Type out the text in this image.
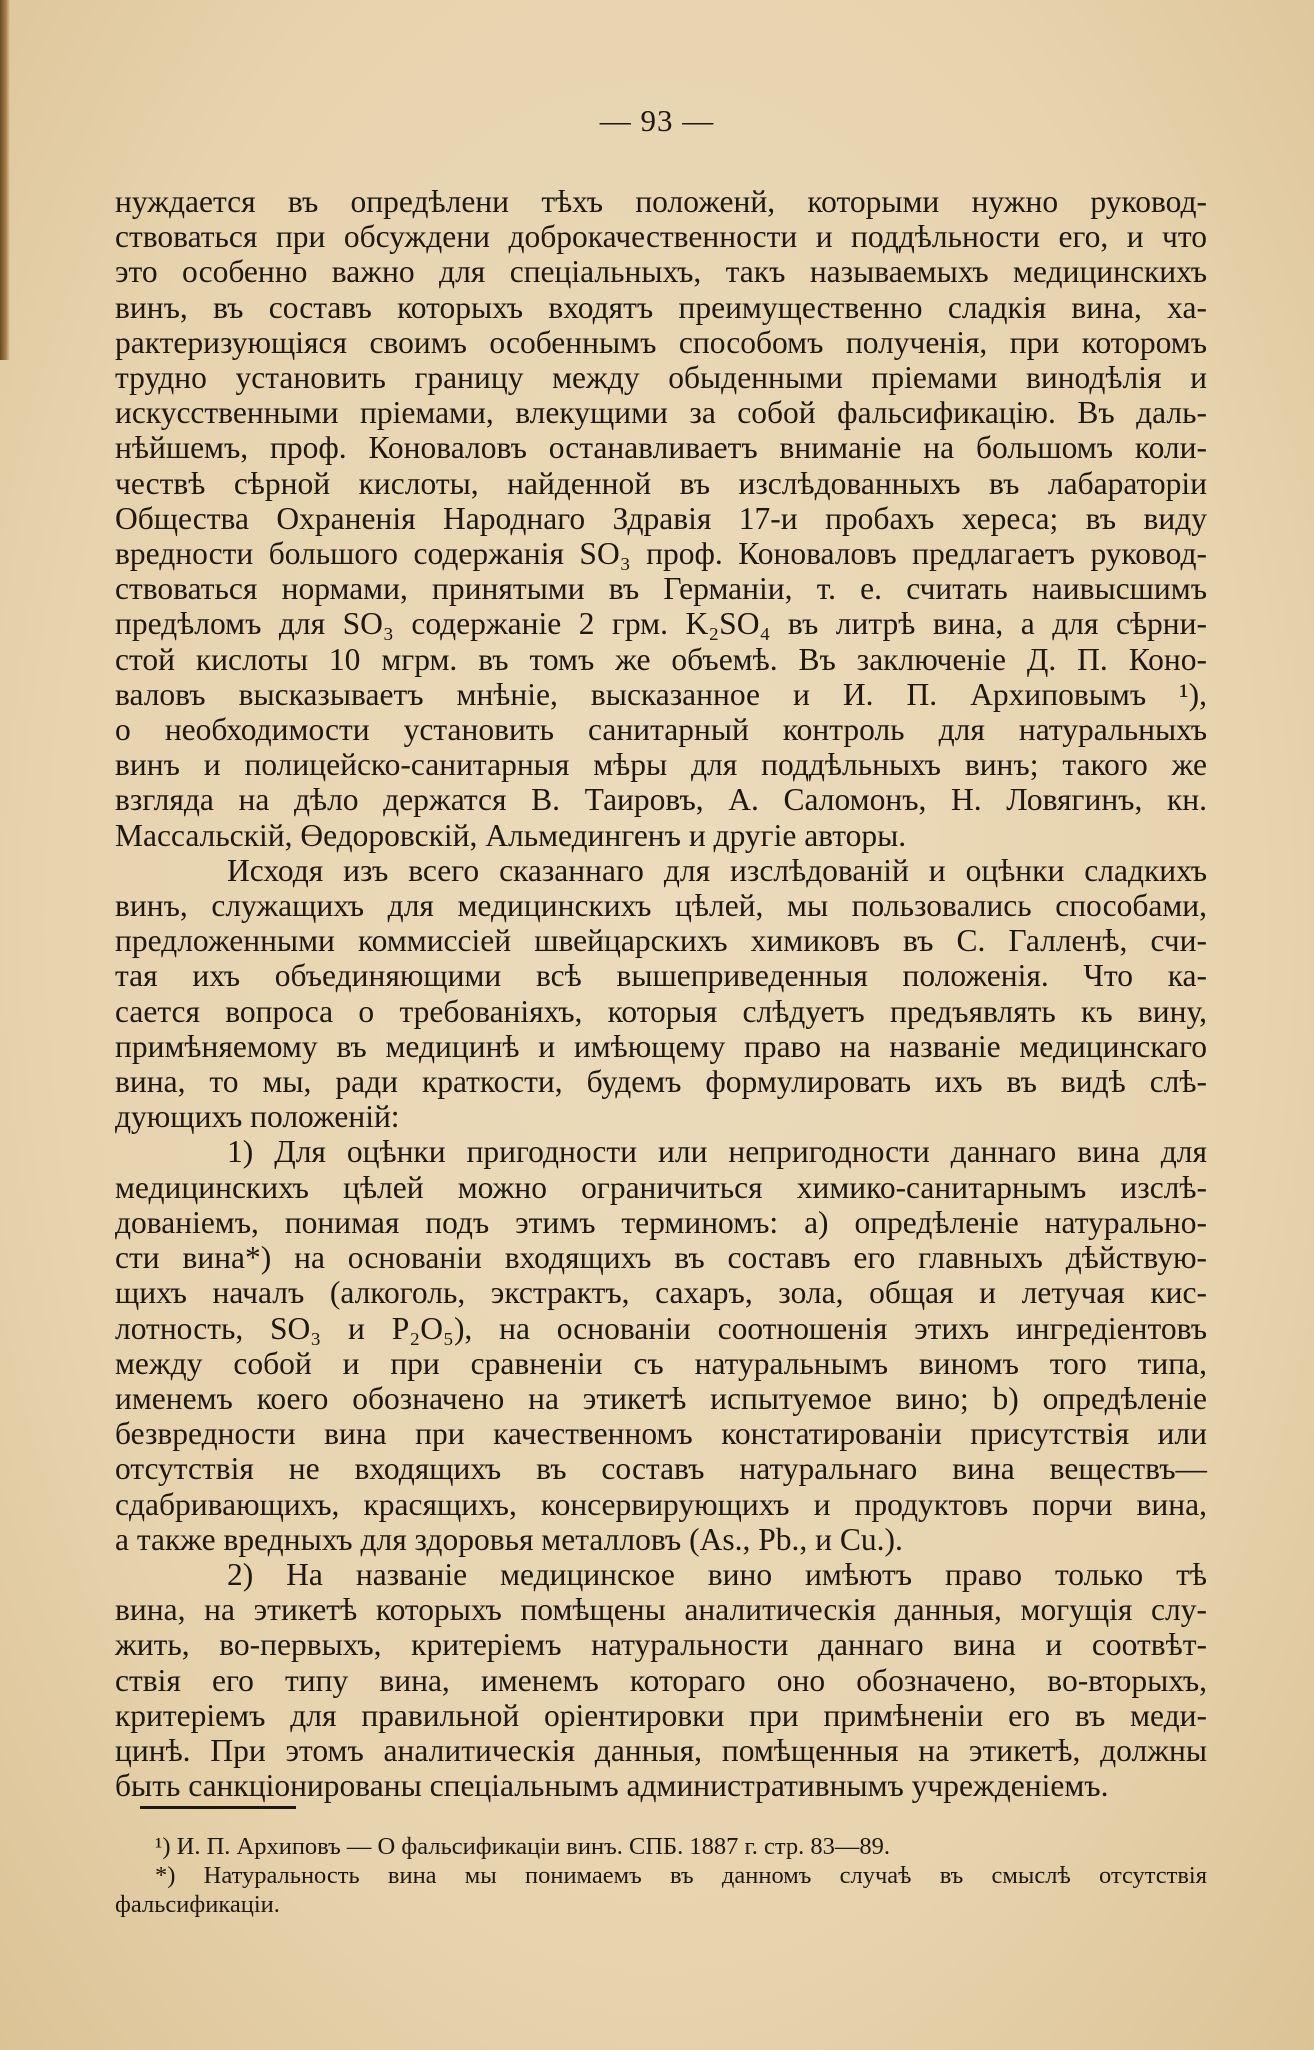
— 93 —

нуждается въ опредѣлени тѣхъ положенй, которыми нужно руковод-
ствоваться при обсуждени доброкачественности и поддѣльности его, и что
это особенно важно для спецiальныхъ, такъ называемыхъ медицинскихъ
винъ, въ составъ которыхъ входятъ преимущественно сладкiя вина, ха-
рактеризующiяся своимъ особеннымъ способомъ полученiя, при которомъ
трудно установить границу между обыденными прiемами винодѣлiя и
искусственными прiемами, влекущими за собой фальсификацiю. Въ даль-
нѣйшемъ, проф. Коноваловъ останавливаетъ вниманiе на большомъ коли-
чествѣ сѣрной кислоты, найденной въ изслѣдованныхъ въ лабараторiи
Общества Охраненiя Народнаго Здравiя 17-и пробахъ хереса; въ виду
вредности большого содержанiя SO₃ проф. Коноваловъ предлагаетъ руковод-
ствоваться нормами, принятыми въ Германiи, т. е. считать наивысшимъ
предѣломъ для SO₃ содержанiе 2 грм. K₂SO₄ въ литрѣ вина, а для сѣрни-
стой кислоты 10 мгрм. въ томъ же объемѣ. Въ заключенiе Д. П. Коно-
валовъ высказываетъ мнѣнiе, высказанное и И. П. Архиповымъ ¹),
о необходимости установить санитарный контроль для натуральныхъ
винъ и полицейско-санитарныя мѣры для поддѣльныхъ винъ; такого же
взгляда на дѣло держатся В. Таировъ, А. Саломонъ, Н. Ловягинъ, кн.
Массальскiй, Өедоровскiй, Альмедингенъ и другiе авторы.

Исходя изъ всего сказаннаго для изслѣдованiй и оцѣнки сладкихъ
винъ, служащихъ для медицинскихъ цѣлей, мы пользовались способами,
предложенными коммиссiей швейцарскихъ химиковъ въ С. Галленѣ, счи-
тая ихъ объединяющими всѣ вышеприведенныя положенiя. Что ка-
сается вопроса о требованiяхъ, которыя слѣдуетъ предъявлять къ вину,
примѣняемому въ медицинѣ и имѣющему право на названiе медицинскаго
вина, то мы, ради краткости, будемъ формулировать ихъ въ видѣ слѣ-
дующихъ положенiй:

1) Для оцѣнки пригодности или непригодности даннаго вина для
медицинскихъ цѣлей можно ограничиться химико-санитарнымъ изслѣ-
дованiемъ, понимая подъ этимъ терминомъ: а) опредѣленiе натурально-
сти вина*) на основанiи входящихъ въ составъ его главныхъ дѣйствую-
щихъ началъ (алкоголь, экстрактъ, сахаръ, зола, общая и летучая кис-
лотность, SO₃ и P₂O₅), на основанiи соотношенiя этихъ ингредiентовъ
между собой и при сравненiи съ натуральнымъ виномъ того типа,
именемъ коего обозначено на этикетѣ испытуемое вино; b) опредѣленiе
безвредности вина при качественномъ констатированiи присутствiя или
отсутствiя не входящихъ въ составъ натуральнаго вина веществъ—
сдабривающихъ, красящихъ, консервирующихъ и продуктовъ порчи вина,
а также вредныхъ для здоровья металловъ (As., Pb., и Cu.).

2) На названiе медицинское вино имѣютъ право только тѣ
вина, на этикетѣ которыхъ помѣщены аналитическiя данныя, могущiя слу-
жить, во-первыхъ, критерiемъ натуральности даннаго вина и соотвѣт-
ствiя его типу вина, именемъ котораго оно обозначено, во-вторыхъ,
критерiемъ для правильной орiентировки при примѣненiи его въ меди-
цинѣ. При этомъ аналитическiя данныя, помѣщенныя на этикетѣ, должны
быть санкцiонированы спецiальнымъ административнымъ учрежденiемъ.

¹) И. П. Архиповъ — О фальсификацiи винъ. СПБ. 1887 г. стр. 83—89.
*) Натуральность вина мы понимаемъ въ данномъ случаѣ въ смыслѣ отсутствiя
фальсификацiи.
